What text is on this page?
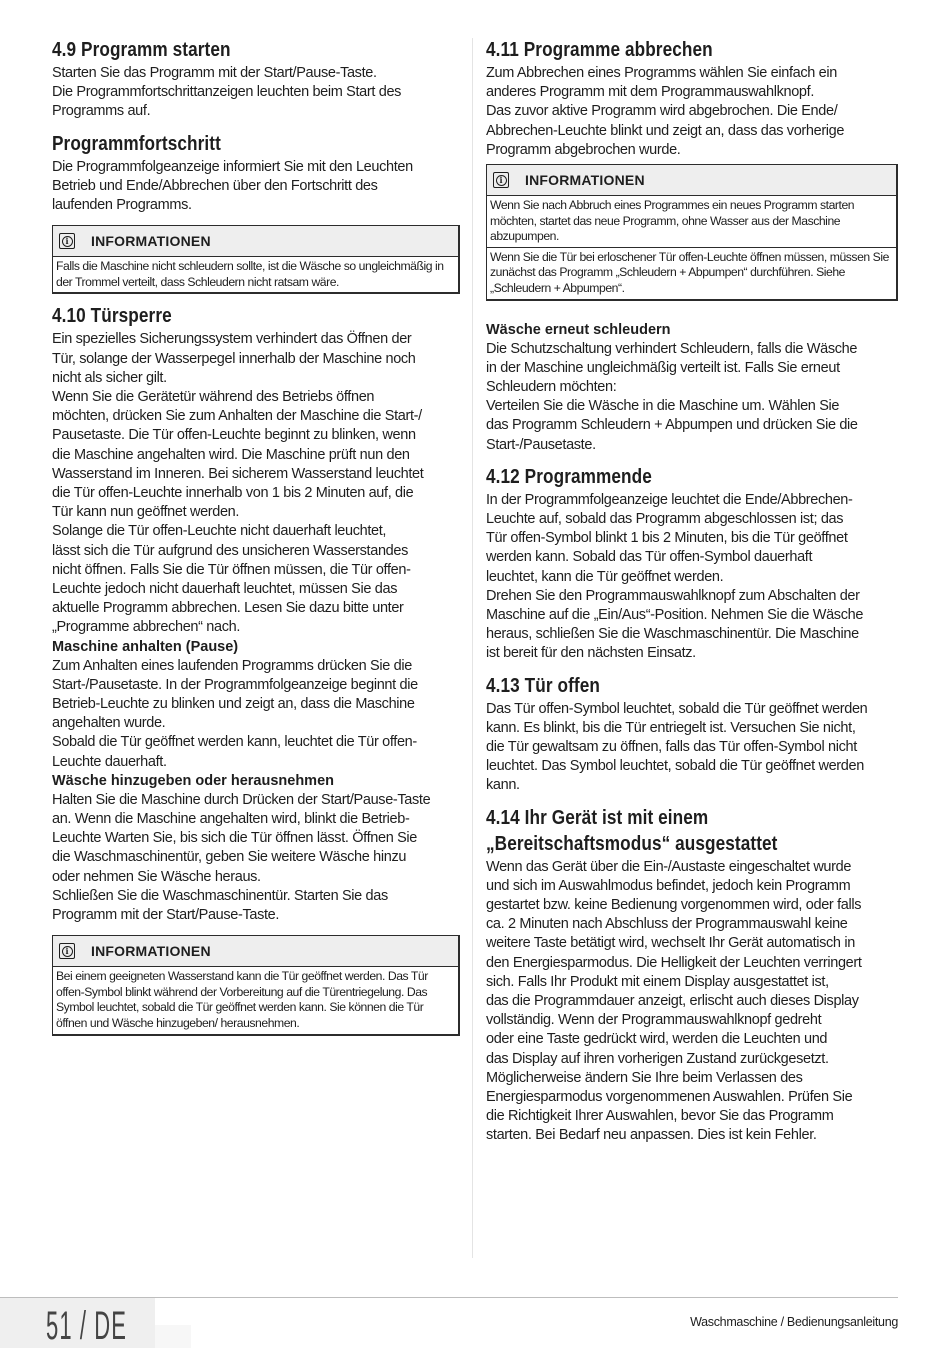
4.9 Programm starten

Starten Sie das Programm mit der Start/Pause-Taste.

Die Programmfortschrittanzeigen leuchten beim Start des

Programms auf.

Programmfortschritt

Die Programmfolgeanzeige informiert Sie mit den Leuchten

Betrieb und Ende/Abbrechen über den Fortschritt des

laufenden Programms.

i INFORMATIONEN

Falls die Maschine nicht schleudern sollte, ist die Wäsche so ungleichmäßig in der Trommel verteilt, dass Schleudern nicht ratsam wäre.

4.10 Türsperre

Ein spezielles Sicherungssystem verhindert das Öffnen der

Tür, solange der Wasserpegel innerhalb der Maschine noch

nicht als sicher gilt.

Wenn Sie die Gerätetür während des Betriebs öffnen

möchten, drücken Sie zum Anhalten der Maschine die Start-/

Pausetaste. Die Tür offen-Leuchte beginnt zu blinken, wenn

die Maschine angehalten wird. Die Maschine prüft nun den

Wasserstand im Inneren. Bei sicherem Wasserstand leuchtet

die Tür offen-Leuchte innerhalb von 1 bis 2 Minuten auf, die

Tür kann nun geöffnet werden.

Solange die Tür offen-Leuchte nicht dauerhaft leuchtet,

lässt sich die Tür aufgrund des unsicheren Wasserstandes

nicht öffnen. Falls Sie die Tür öffnen müssen, die Tür offen-

Leuchte jedoch nicht dauerhaft leuchtet, müssen Sie das

aktuelle Programm abbrechen. Lesen Sie dazu bitte unter

„Programme abbrechen“ nach.

Maschine anhalten (Pause)

Zum Anhalten eines laufenden Programms drücken Sie die

Start-/Pausetaste. In der Programmfolgeanzeige beginnt die

Betrieb-Leuchte zu blinken und zeigt an, dass die Maschine

angehalten wurde.

Sobald die Tür geöffnet werden kann, leuchtet die Tür offen-

Leuchte dauerhaft.

Wäsche hinzugeben oder herausnehmen

Halten Sie die Maschine durch Drücken der Start/Pause-Taste

an. Wenn die Maschine angehalten wird, blinkt die Betrieb-

Leuchte Warten Sie, bis sich die Tür öffnen lässt. Öffnen Sie

die Waschmaschinentür, geben Sie weitere Wäsche hinzu

oder nehmen Sie Wäsche heraus.

Schließen Sie die Waschmaschinentür. Starten Sie das

Programm mit der Start/Pause-Taste.

i INFORMATIONEN

Bei einem geeigneten Wasserstand kann die Tür geöffnet werden. Das Tür offen-Symbol blinkt während der Vorbereitung auf die Türentriegelung. Das Symbol leuchtet, sobald die Tür geöffnet werden kann. Sie können die Tür öffnen und Wäsche hinzugeben/ herausnehmen.

4.11 Programme abbrechen

Zum Abbrechen eines Programms wählen Sie einfach ein

anderes Programm mit dem Programmauswahlknopf.

Das zuvor aktive Programm wird abgebrochen. Die Ende/

Abbrechen-Leuchte blinkt und zeigt an, dass das vorherige

Programm abgebrochen wurde.

i INFORMATIONEN

Wenn Sie nach Abbruch eines Programmes ein neues Programm starten möchten, startet das neue Programm, ohne Wasser aus der Maschine abzupumpen.

Wenn Sie die Tür bei erloschener Tür offen-Leuchte öffnen müssen, müssen Sie zunächst das Programm „Schleudern + Abpumpen“ durchführen. Siehe „Schleudern + Abpumpen“.

Wäsche erneut schleudern

Die Schutzschaltung verhindert Schleudern, falls die Wäsche

in der Maschine ungleichmäßig verteilt ist. Falls Sie erneut

Schleudern möchten:

Verteilen Sie die Wäsche in die Maschine um. Wählen Sie

das Programm Schleudern + Abpumpen und drücken Sie die

Start-/Pausetaste.

4.12 Programmende

In der Programmfolgeanzeige leuchtet die Ende/Abbrechen-

Leuchte auf, sobald das Programm abgeschlossen ist; das

Tür offen-Symbol blinkt 1 bis 2 Minuten, bis die Tür geöffnet

werden kann. Sobald das Tür offen-Symbol dauerhaft

leuchtet, kann die Tür geöffnet werden.

Drehen Sie den Programmauswahlknopf zum Abschalten der

Maschine auf die „Ein/Aus“-Position. Nehmen Sie die Wäsche

heraus, schließen Sie die Waschmaschinentür. Die Maschine

ist bereit für den nächsten Einsatz.

4.13 Tür offen

Das Tür offen-Symbol leuchtet, sobald die Tür geöffnet werden

kann. Es blinkt, bis die Tür entriegelt ist. Versuchen Sie nicht,

die Tür gewaltsam zu öffnen, falls das Tür offen-Symbol nicht

leuchtet. Das Symbol leuchtet, sobald die Tür geöffnet werden

kann.

4.14 Ihr Gerät ist mit einem
„Bereitschaftsmodus“ ausgestattet

Wenn das Gerät über die Ein-/Austaste eingeschaltet wurde

und sich im Auswahlmodus befindet, jedoch kein Programm

gestartet bzw. keine Bedienung vorgenommen wird, oder falls

ca. 2 Minuten nach Abschluss der Programmauswahl keine

weitere Taste betätigt wird, wechselt Ihr Gerät automatisch in

den Energiesparmodus. Die Helligkeit der Leuchten verringert

sich. Falls Ihr Produkt mit einem Display ausgestattet ist,

das die Programmdauer anzeigt, erlischt auch dieses Display

vollständig. Wenn der Programmauswahlknopf gedreht

oder eine Taste gedrückt wird, werden die Leuchten und

das Display auf ihren vorherigen Zustand zurückgesetzt.

Möglicherweise ändern Sie Ihre beim Verlassen des

Energiesparmodus vorgenommenen Auswahlen. Prüfen Sie

die Richtigkeit Ihrer Auswahlen, bevor Sie das Programm

starten. Bei Bedarf neu anpassen. Dies ist kein Fehler.

51 / DE	Waschmaschine / Bedienungsanleitung
